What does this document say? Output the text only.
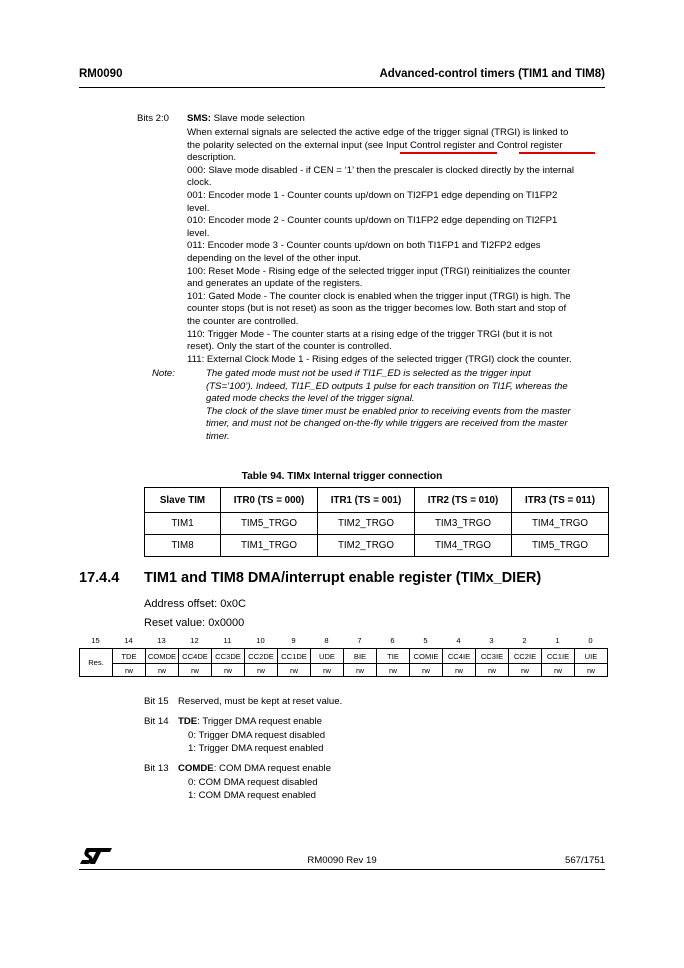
RM0090	Advanced-control timers (TIM1 and TIM8)
Bits 2:0 SMS: Slave mode selection

When external signals are selected the active edge of the trigger signal (TRGI) is linked to

the polarity selected on the external input (see Input Control register and Control register

description.

000: Slave mode disabled - if CEN = ‘1’ then the prescaler is clocked directly by the internal

clock.

001: Encoder mode 1 - Counter counts up/down on TI2FP1 edge depending on TI1FP2

level.

010: Encoder mode 2 - Counter counts up/down on TI1FP2 edge depending on TI2FP1

level.

011: Encoder mode 3 - Counter counts up/down on both TI1FP1 and TI2FP2 edges

depending on the level of the other input.

100: Reset Mode - Rising edge of the selected trigger input (TRGI) reinitializes the counter

and generates an update of the registers.

101: Gated Mode - The counter clock is enabled when the trigger input (TRGI) is high. The

counter stops (but is not reset) as soon as the trigger becomes low. Both start and stop of

the counter are controlled.

110: Trigger Mode - The counter starts at a rising edge of the trigger TRGI (but it is not

reset). Only the start of the counter is controlled.

111: External Clock Mode 1 - Rising edges of the selected trigger (TRGI) clock the counter.

Note:	The gated mode must not be used if TI1F_ED is selected as the trigger input

(TS=’100’). Indeed, TI1F_ED outputs 1 pulse for each transition on TI1F, whereas the

gated mode checks the level of the trigger signal.

The clock of the slave timer must be enabled prior to receiving events from the master

timer, and must not be changed on-the-fly while triggers are received from the master

timer.

Table 94. TIMx Internal trigger connection
Slave TIM	ITR0 (TS = 000)	ITR1 (TS = 001)	ITR2 (TS = 010)	ITR3 (TS = 011)
TIM1	TIM5_TRGO	TIM2_TRGO	TIM3_TRGO	TIM4_TRGO
TIM8	TIM1_TRGO	TIM2_TRGO	TIM4_TRGO	TIM5_TRGO
17.4.4 TIM1 and TIM8 DMA/interrupt enable register (TIMx_DIER)
Address offset: 0x0C
Reset value: 0x0000
15	14	13	12	11	10	9	8	7	6	5	4	3	2	1	0
Res.	TDE	COMDE	CC4DE	CC3DE	CC2DE	CC1DE	UDE	BIE	TIE	COMIE	CC4IE	CC3IE	CC2IE	CC1IE	UIE
	rw	rw	rw	rw	rw	rw	rw	rw	rw	rw	rw	rw	rw	rw	rw
Bit 15 Reserved, must be kept at reset value.
Bit 14 TDE: Trigger DMA request enable
0: Trigger DMA request disabled
1: Trigger DMA request enabled
Bit 13 COMDE: COM DMA request enable
0: COM DMA request disabled
1: COM DMA request enabled
RM0090 Rev 19	567/1751
